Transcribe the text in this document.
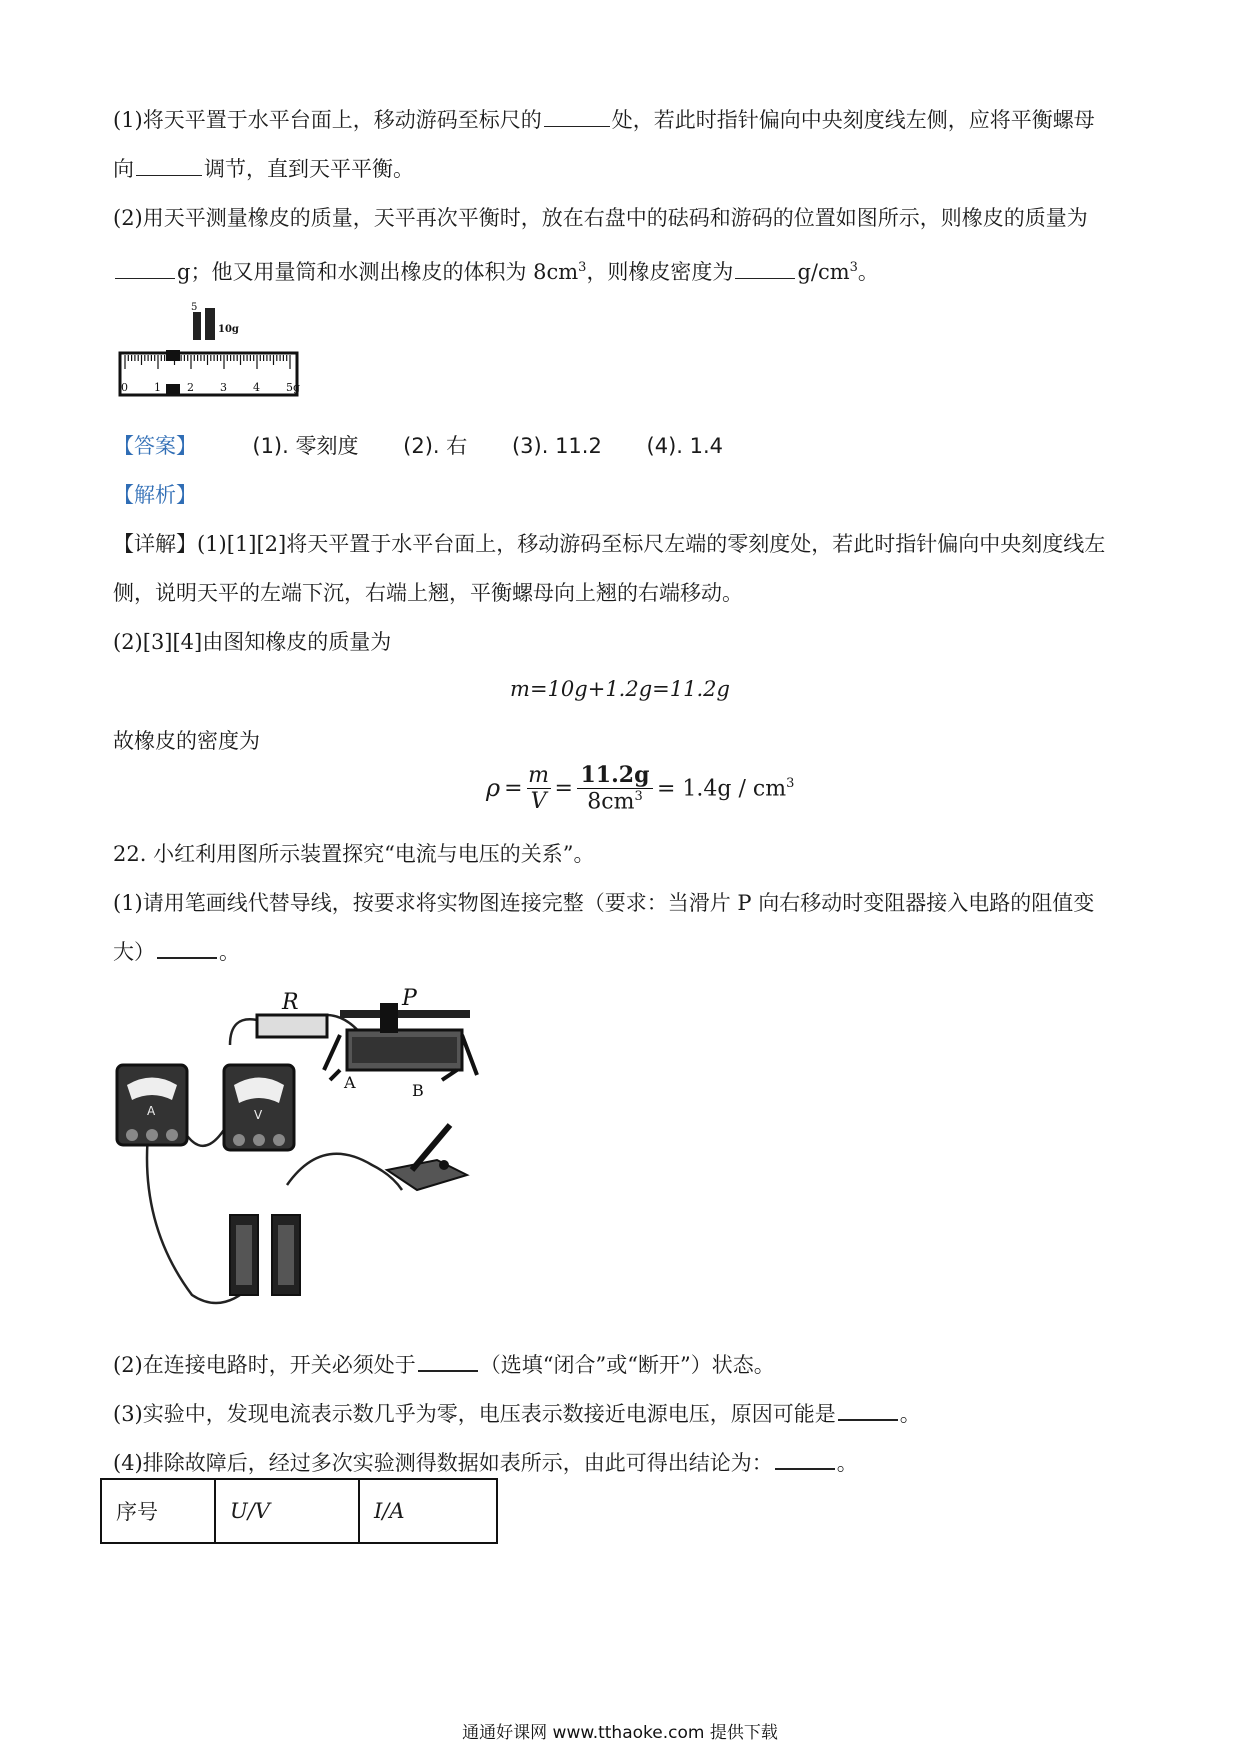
(1)将天平置于水平台面上，移动游码至标尺的	处，若此时指针偏向中央刻度线左侧，应将平衡螺母
向	调节，直到天平平衡。
(2)用天平测量橡皮的质量，天平再次平衡时，放在右盘中的砝码和游码的位置如图所示，则橡皮的质量为
g；他又用量筒和水测出橡皮的体积为 $8cm^3$，则橡皮密度为	$g/cm^3$。
5
10g
0 1 2 3 4 5g
【答案】	(1). 零刻度 (2). 右 (3). 11.2 (4). 1.4
【解析】
【详解】(1)[1][2]将天平置于水平台面上，移动游码至标尺左端的零刻度处，若此时指针偏向中央刻度线左
侧，说明天平的左端下沉，右端上翘，平衡螺母向上翘的右端移动。
(2)[3][4]由图知橡皮的质量为
m=10g+1.2g=11.2g
故橡皮的密度为
ρ =
m
V
=
11.2g
$8cm^3 = 1.4g / cm^3$
22. 小红利用图所示装置探究“电流与电压的关系”。
(1)请用笔画线代替导线，按要求将实物图连接完整（要求：当滑片 P 向右移动时变阻器接入电路的阻值变
大）	。
R	P
A	B
A	V
(2)在连接电路时，开关必须处于	（选填“闭合”或“断开”）状态。
(3)实验中，发现电流表示数几乎为零，电压表示数接近电源电压，原因可能是	。
(4)排除故障后，经过多次实验测得数据如表所示，由此可得出结论为：	。
序号	U/V	I/A
通通好课网 www.tthaoke.com 提供下载
